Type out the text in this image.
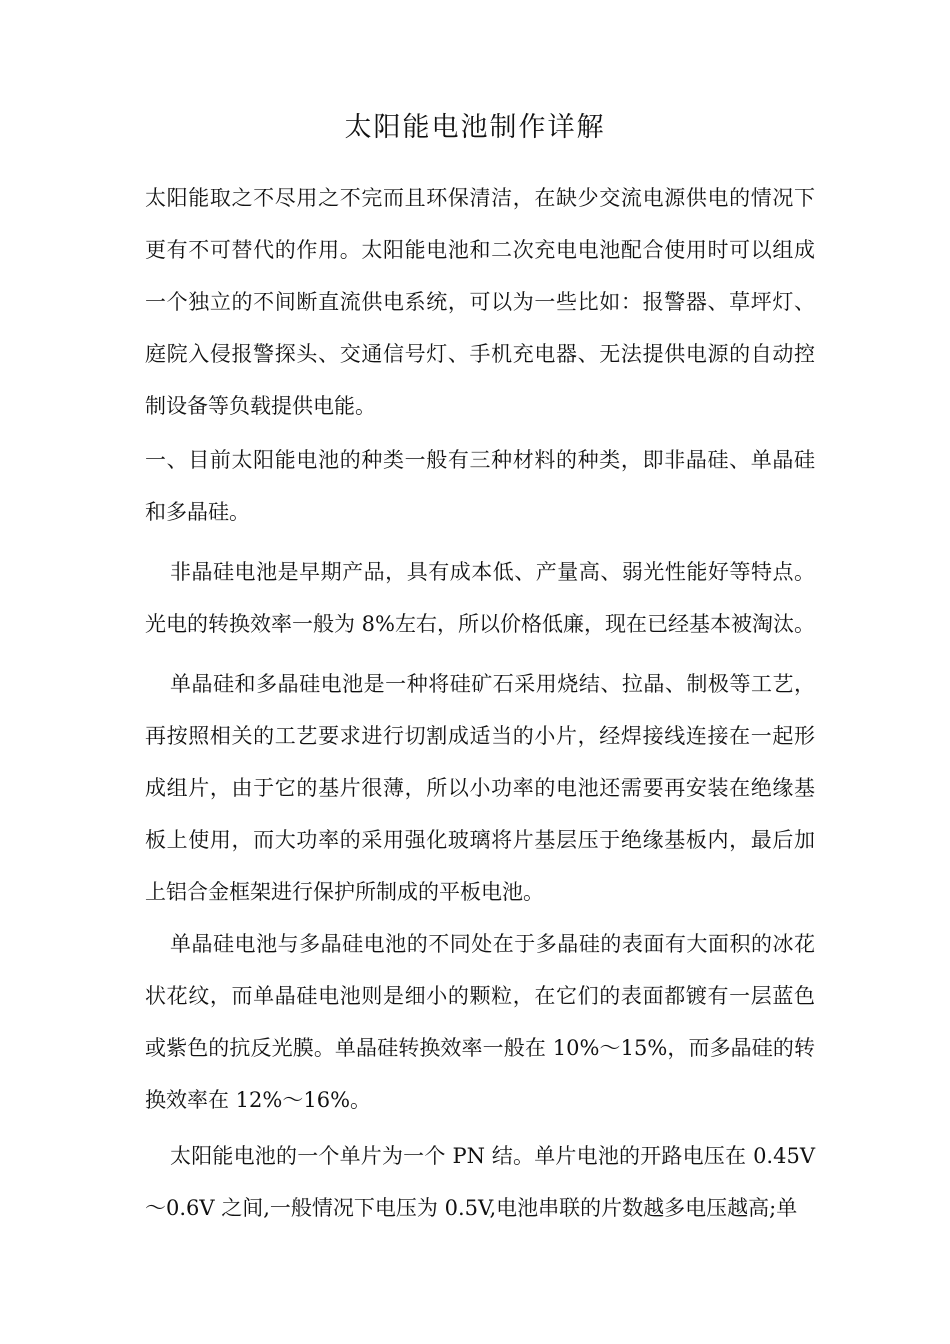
太阳能电池制作详解

太阳能取之不尽用之不完而且环保清洁，在缺少交流电源供电的情况下更有不可替代的作用。太阳能电池和二次充电电池配合使用时可以组成一个独立的不间断直流供电系统，可以为一些比如：报警器、草坪灯、庭院入侵报警探头、交通信号灯、手机充电器、无法提供电源的自动控制设备等负载提供电能。

一、目前太阳能电池的种类一般有三种材料的种类，即非晶硅、单晶硅和多晶硅。

非晶硅电池是早期产品，具有成本低、产量高、弱光性能好等特点。光电的转换效率一般为 8%左右，所以价格低廉，现在已经基本被淘汰。

单晶硅和多晶硅电池是一种将硅矿石采用烧结、拉晶、制极等工艺，再按照相关的工艺要求进行切割成适当的小片，经焊接线连接在一起形成组片，由于它的基片很薄，所以小功率的电池还需要再安装在绝缘基板上使用，而大功率的采用强化玻璃将片基层压于绝缘基板内，最后加上铝合金框架进行保护所制成的平板电池。

单晶硅电池与多晶硅电池的不同处在于多晶硅的表面有大面积的冰花状花纹，而单晶硅电池则是细小的颗粒，在它们的表面都镀有一层蓝色或紫色的抗反光膜。单晶硅转换效率一般在 10%～15%，而多晶硅的转换效率在 12%～16%。

太阳能电池的一个单片为一个 PN 结。单片电池的开路电压在 0.45V～0.6V 之间,一般情况下电压为 0.5V,电池串联的片数越多电压越高;单
